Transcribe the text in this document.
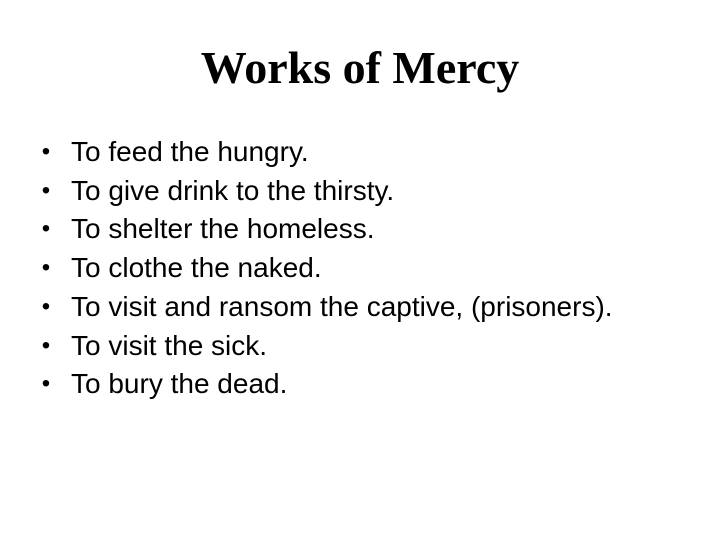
Works of Mercy
• To feed the hungry.
• To give drink to the thirsty.
• To shelter the homeless.
• To clothe the naked.
• To visit and ransom the captive, (prisoners).
• To visit the sick.
• To bury the dead.
